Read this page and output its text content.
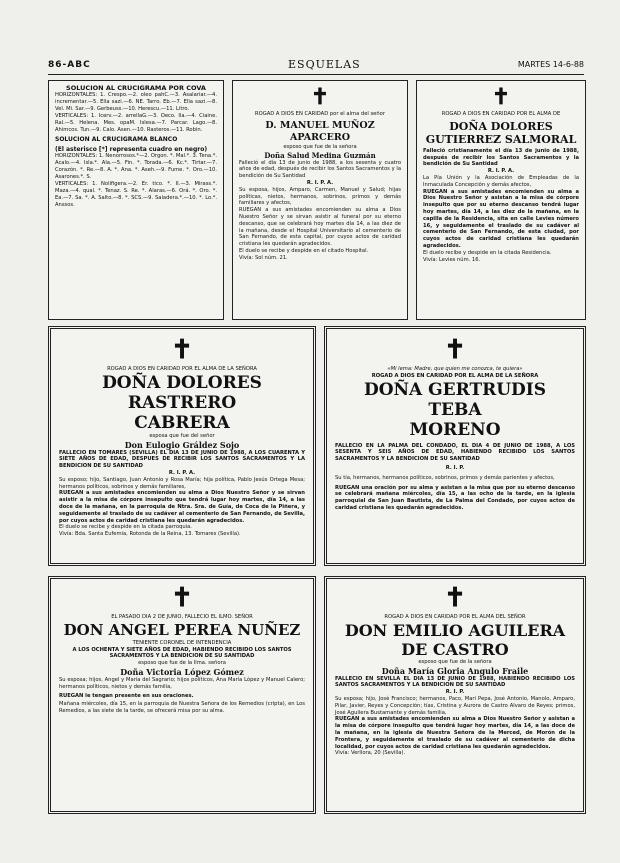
86-ABC	ESQUELAS	MARTES 14-6-88

SOLUCION AL CRUCIGRAMA POR COVA

HORIZONTALES: 1. Crespo.—2. oleo pahC.—3. Asalariar.—4. incrementar.—5. Ella sazi.—6. NE. Tarro. Eb.—7. Ella sazi.—8. Vel. Mi. Sar.—9. Gerbeuss.—10. Herescu.—11. Litro.

VERTICALES: 1. Icerv.—2. arrellaG.—3. Oeco. Ila.—4. Ciaine. Ral.—5. Helena. Mes. opaM. Islesa.—7. Parcar. Lago.—8. Ahimcos. Tun.—9. Calo. Asen.—10. Rasteros.—11. Robin.

SOLUCION AL CRUCIGRAMA BLANCO

(El asterisco [*] representa cuadro en negro)

HORIZONTALES: 1. Nenorrosos.*—2. Orgon. *. Mal.*. 3. Tena.*. Acalo.—4. Isla.*. Ala.—5. Fin. *. Torada.—6. Kc.*. Tirtar.—7. Corazón. *. Re.—8. A. *. Ana. *. Aseh.—9. Fume. *. Oro.—10. Asarones.*. S.

VERTICALES: 1. Nolifigera.—2. Er. tico. *. II.—3. Mirass.*. Maza.—4. qual. *. Tenaz. S. Re. *. Alaras.—6. Orá. *. Oro. *. Ea.—7. Sa. *. A. Salto.—8. *. SCS.—9. Saladera.*.—10. *. Lo.*. Anssos.

✝

ROGAD A DIOS EN CARIDAD por el alma del señor

D. MANUEL MUÑOZ APARCERO

esposo que fue de la señora

Doña Salud Medina Guzmán

Falleció el día 13 de junio de 1988, a los sesenta y cuatro años de edad, después de recibir los Santos Sacramentos y la bendición de Su Santidad

R. I. P. A.

Su esposa, hijos, Amparo, Carmen, Manuel y Salud; hijas políticas, nietos, hermanos, sobrinos, primos y demás familiares y afectos,

RUEGAN a sus amistades encomienden su alma a Dios Nuestro Señor y se sirvan asistir al funeral por su eterno descanso, que se celebrará hoy martes día 14, a las diez de la mañana, desde el Hospital Universitario al cementerio de San Fernando, de esta capital, por cuyos actos de caridad cristiana les quedarán agradecidos.

El duelo se recibe y despide en el citado Hospital.

Vivía: Sol núm. 21.

✝

ROGAD A DIOS EN CARIDAD POR EL ALMA DE

DOÑA DOLORES GUTIERREZ SALMORAL

Falleció cristianamente el día 13 de junio de 1988, después de recibir los Santos Sacramentos y la bendición de Su Santidad

R. I. P. A.

La Pía Unión y la Asociación de Empleadas de la Inmaculada Concepción y demás afectos,

RUEGAN a sus amistades encomienden su alma a Dios Nuestro Señor y asistan a la misa de córpore insepulto que por su eterno descanso tendrá lugar hoy martes, día 14, a las diez de la mañana, en la capilla de la Residencia, sita en calle Levies número 16, y seguidamente el traslado de su cadáver al cementerio de San Fernando, de esta ciudad, por cuyos actos de caridad cristiana les quedarán agradecidos.

El duelo recibe y despide en la citada Residencia.

Vivía: Levies núm. 16.

✝

ROGAD A DIOS EN CARIDAD POR EL ALMA DE LA SEÑORA

DOÑA DOLORES RASTRERO

CABRERA

esposa que fue del señor

Don Eulogio Gráldez Sojo

FALLECIO EN TOMARES (SEVILLA) EL DIA 13 DE JUNIO DE 1988, A LOS CUARENTA Y SIETE AÑOS DE EDAD, DESPUES DE RECIBIR LOS SANTOS SACRAMENTOS Y LA BENDICION DE SU SANTIDAD

R. I. P. A.

Su esposo; hijo, Santiago, Juan Antonio y Rosa María; hija política, Pablo Jesús Ortega Mesa; hermanos políticos, sobrinos y demás familiares,

RUEGAN a sus amistades encomienden su alma a Dios Nuestro Señor y se sirvan asistir a la misa de córpore insepulto que tendrá lugar hoy martes, día 14, a las doce de la mañana, en la parroquia de Ntra. Sra. de Guía, de Coca de la Piñera, y seguidamente al traslado de su cadáver al cementerio de San Fernando, de Sevilla, por cuyos actos de caridad cristiana les quedarán agradecidos.

El duelo se recibe y despide en la citada parroquia.

Vivía: Bda. Santa Eufemia, Rotonda de la Reina, 13. Tomares (Sevilla).

✝

«Mi lema: Madre, que quien me conozca, te quiera»

ROGAD A DIOS EN CARIDAD POR EL ALMA DE LA SEÑORA

DOÑA GERTRUDIS TEBA

MORENO

FALLECIO EN LA PALMA DEL CONDADO, EL DIA 4 DE JUNIO DE 1988, A LOS SESENTA Y SEIS AÑOS DE EDAD, HABIENDO RECIBIDO LOS SANTOS SACRAMENTOS Y LA BENDICION DE SU SANTIDAD

R. I. P.

Su tía, hermanos, hermanos políticos, sobrinos, primos y demás parientes y afectos,

RUEGAN una oración por su alma y asistan a la misa que por su eterno descanso se celebrará mañana miércoles, día 15, a las ocho de la tarde, en la iglesia parroquial de San Juan Bautista, de La Palma del Condado, por cuyos actos de caridad cristiana les quedarán agradecidos.

✝

EL PASADO DIA 2 DE JUNIO, FALLECIO EL ILMO. SEÑOR

DON ANGEL PEREA NUÑEZ

TENIENTE CORONEL DE INTENDENCIA

A LOS OCHENTA Y SIETE AÑOS DE EDAD, HABIENDO RECIBIDO LOS SANTOS SACRAMENTOS Y LA BENDICION DE SU SANTIDAD

esposo que fue de la Ilma. señora

Doña Victoria López Gómez

Su esposa; hijos, Angel y María del Sagrario; hijos políticos, Ana María López y Manuel Calero; hermanos políticos, nietos y demás familia,

RUEGAN le tengan presente en sus oraciones.

Mañana miércoles, día 15, en la parroquia de Nuestra Señora de los Remedios (cripta), en Los Remedios, a las siete de la tarde, se ofrecerá misa por su alma.

✝

ROGAD A DIOS EN CARIDAD POR EL ALMA DEL SEÑOR

DON EMILIO AGUILERA

DE CASTRO

esposo que fue de la señora

Doña María Gloria Angulo Fraile

FALLECIO EN SEVILLA EL DIA 13 DE JUNIO DE 1988, HABIENDO RECIBIDO LOS SANTOS SACRAMENTOS Y LA BENDICION DE SU SANTIDAD

R. I. P.

Su esposa; hijo, José Francisco; hermanos, Paco, Mari Pepa, José Antonio, Manolo, Amparo, Pilar, Javier, Reyes y Concepción; tías, Cristina y Aurora de Castro Alvaro de Reyes; primos, José Aguilera Bustamante y demás familia,

RUEGAN a sus amistades encomienden su alma a Dios Nuestro Señor y asistan a la misa de córpore insepulto que tendrá lugar hoy martes, día 14, a las doce de la mañana, en la iglesia de Nuestra Señora de la Merced, de Morón de la Frontera, y seguidamente el traslado de su cadáver al cementerio de dicha localidad, por cuyos actos de caridad cristiana les quedarán agradecidos.

Vivía: Verllora, 20 (Sevilla).
